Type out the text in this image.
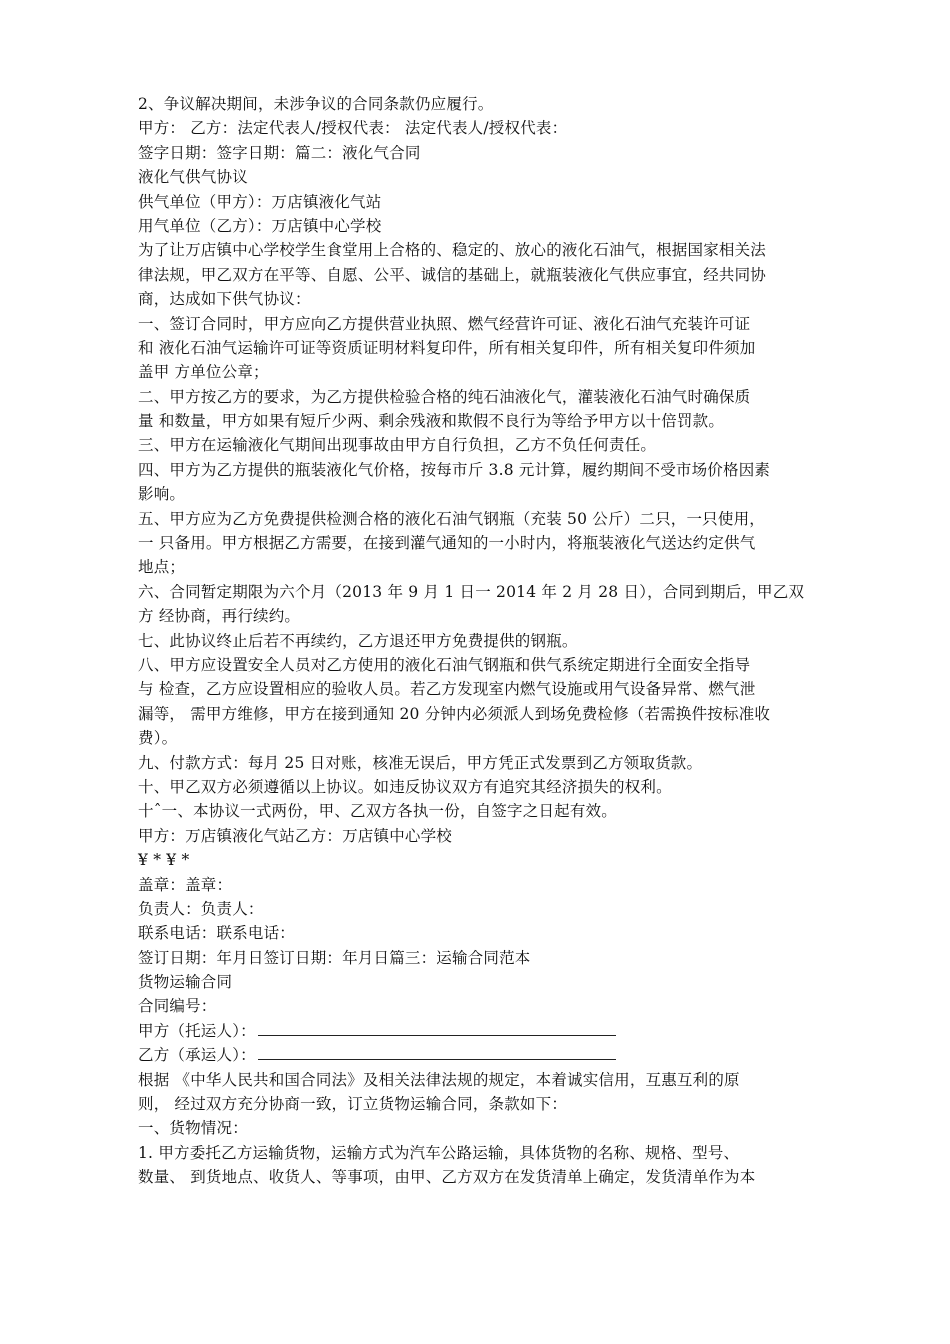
2、争议解决期间，未涉争议的合同条款仍应履行。
甲方： 乙方：法定代表人/授权代表： 法定代表人/授权代表：
签字日期：签字日期：篇二：液化气合同
液化气供气协议
供气单位（甲方）：万店镇液化气站
用气单位（乙方）：万店镇中心学校
为了让万店镇中心学校学生食堂用上合格的、稳定的、放心的液化石油气，根据国家相关法
律法规，甲乙双方在平等、自愿、公平、诚信的基础上，就瓶装液化气供应事宜，经共同协
商，达成如下供气协议：
一、签订合同时，甲方应向乙方提供营业执照、燃气经营许可证、液化石油气充装许可证
和 液化石油气运输许可证等资质证明材料复印件，所有相关复印件，所有相关复印件须加
盖甲 方单位公章；
二、甲方按乙方的要求，为乙方提供检验合格的纯石油液化气，灌装液化石油气时确保质
量 和数量，甲方如果有短斤少两、剩余残液和欺假不良行为等给予甲方以十倍罚款。
三、甲方在运输液化气期间出现事故由甲方自行负担，乙方不负任何责任。
四、甲方为乙方提供的瓶装液化气价格，按每市斤 3.8 元计算，履约期间不受市场价格因素
影响。
五、甲方应为乙方免费提供检测合格的液化石油气钢瓶（充装 50 公斤）二只，一只使用，
一 只备用。甲方根据乙方需要，在接到灌气通知的一小时内，将瓶装液化气送达约定供气
地点；
六、合同暂定期限为六个月（2013 年 9 月 1 日一 2014 年 2 月 28 日），合同到期后，甲乙双
方 经协商，再行续约。
七、此协议终止后若不再续约，乙方退还甲方免费提供的钢瓶。
八、甲方应设置安全人员对乙方使用的液化石油气钢瓶和供气系统定期进行全面安全指导
与 检查，乙方应设置相应的验收人员。若乙方发现室内燃气设施或用气设备异常、燃气泄
漏等， 需甲方维修，甲方在接到通知 20 分钟内必须派人到场免费检修（若需换件按标准收
费）。
九、付款方式：每月 25 日对账，核准无误后，甲方凭正式发票到乙方领取货款。
十、甲乙双方必须遵循以上协议。如违反协议双方有追究其经济损失的权利。
十ˆ一、本协议一式两份，甲、乙双方各执一份，自签字之日起有效。
甲方：万店镇液化气站乙方：万店镇中心学校
¥ * ¥ *
盖章：盖章：
负责人：负责人：
联系电话：联系电话：
签订日期：年月日签订日期：年月日篇三：运输合同范本
货物运输合同
合同编号：
甲方（托运人）：
乙方（承运人）：
根据 《中华人民共和国合同法》及相关法律法规的规定，本着诚实信用，互惠互利的原
则， 经过双方充分协商一致，订立货物运输合同，条款如下：
一、货物情况：
1. 甲方委托乙方运输货物，运输方式为汽车公路运输，具体货物的名称、规格、型号、
数量、 到货地点、收货人、等事项，由甲、乙方双方在发货清单上确定，发货清单作为本
